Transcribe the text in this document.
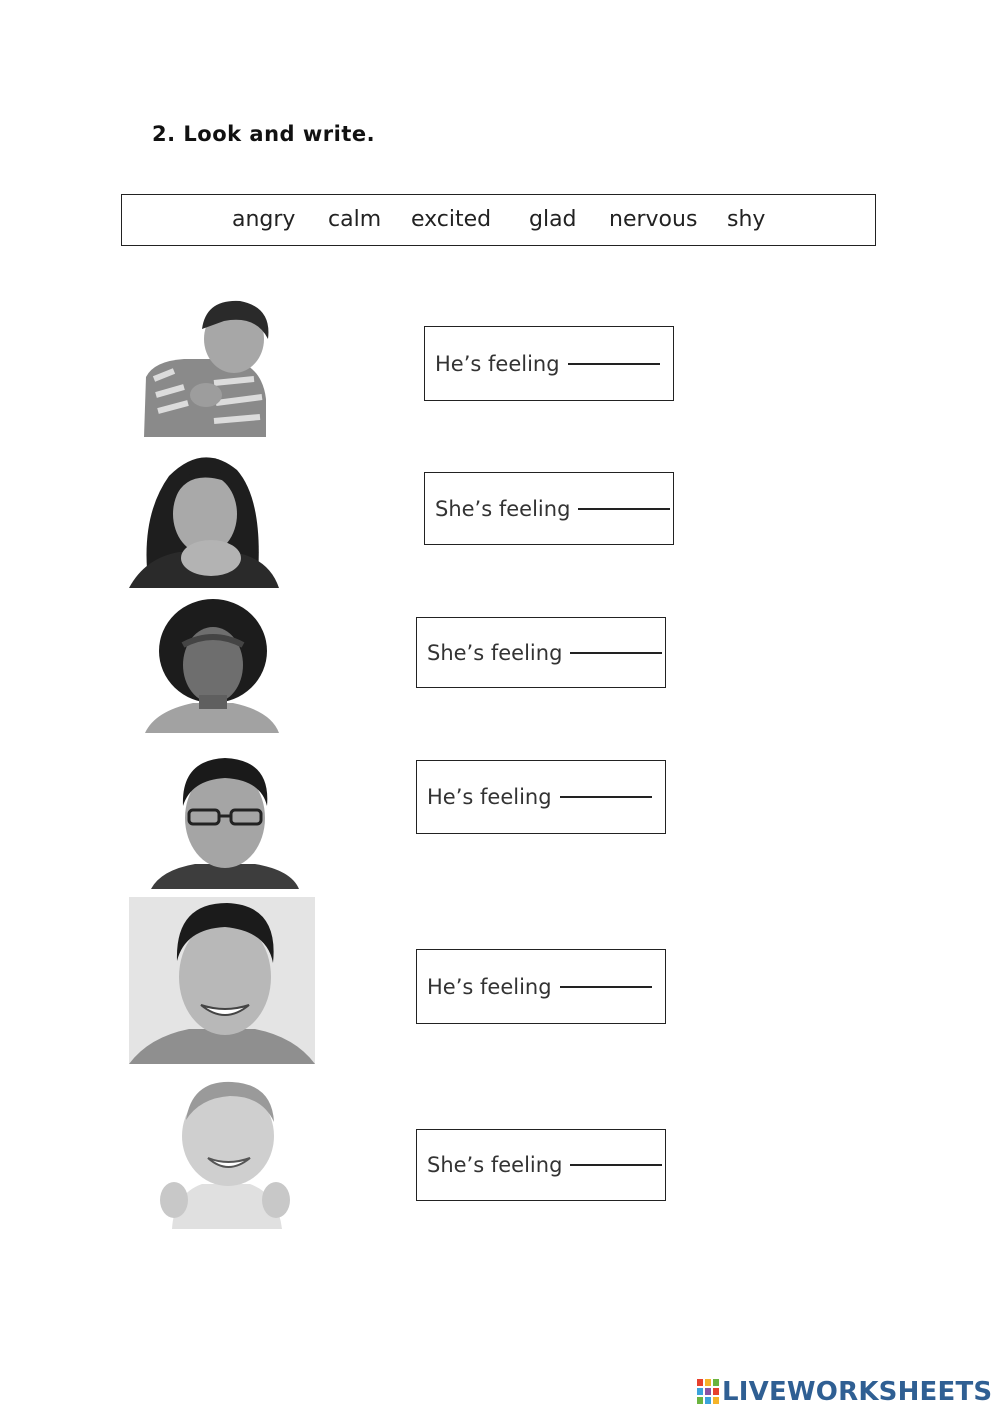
2. Look and write.
angry calm excited glad nervous shy
He’s feeling
She’s feeling
She’s feeling
He’s feeling
He’s feeling
She’s feeling
LIVEWORKSHEETS
